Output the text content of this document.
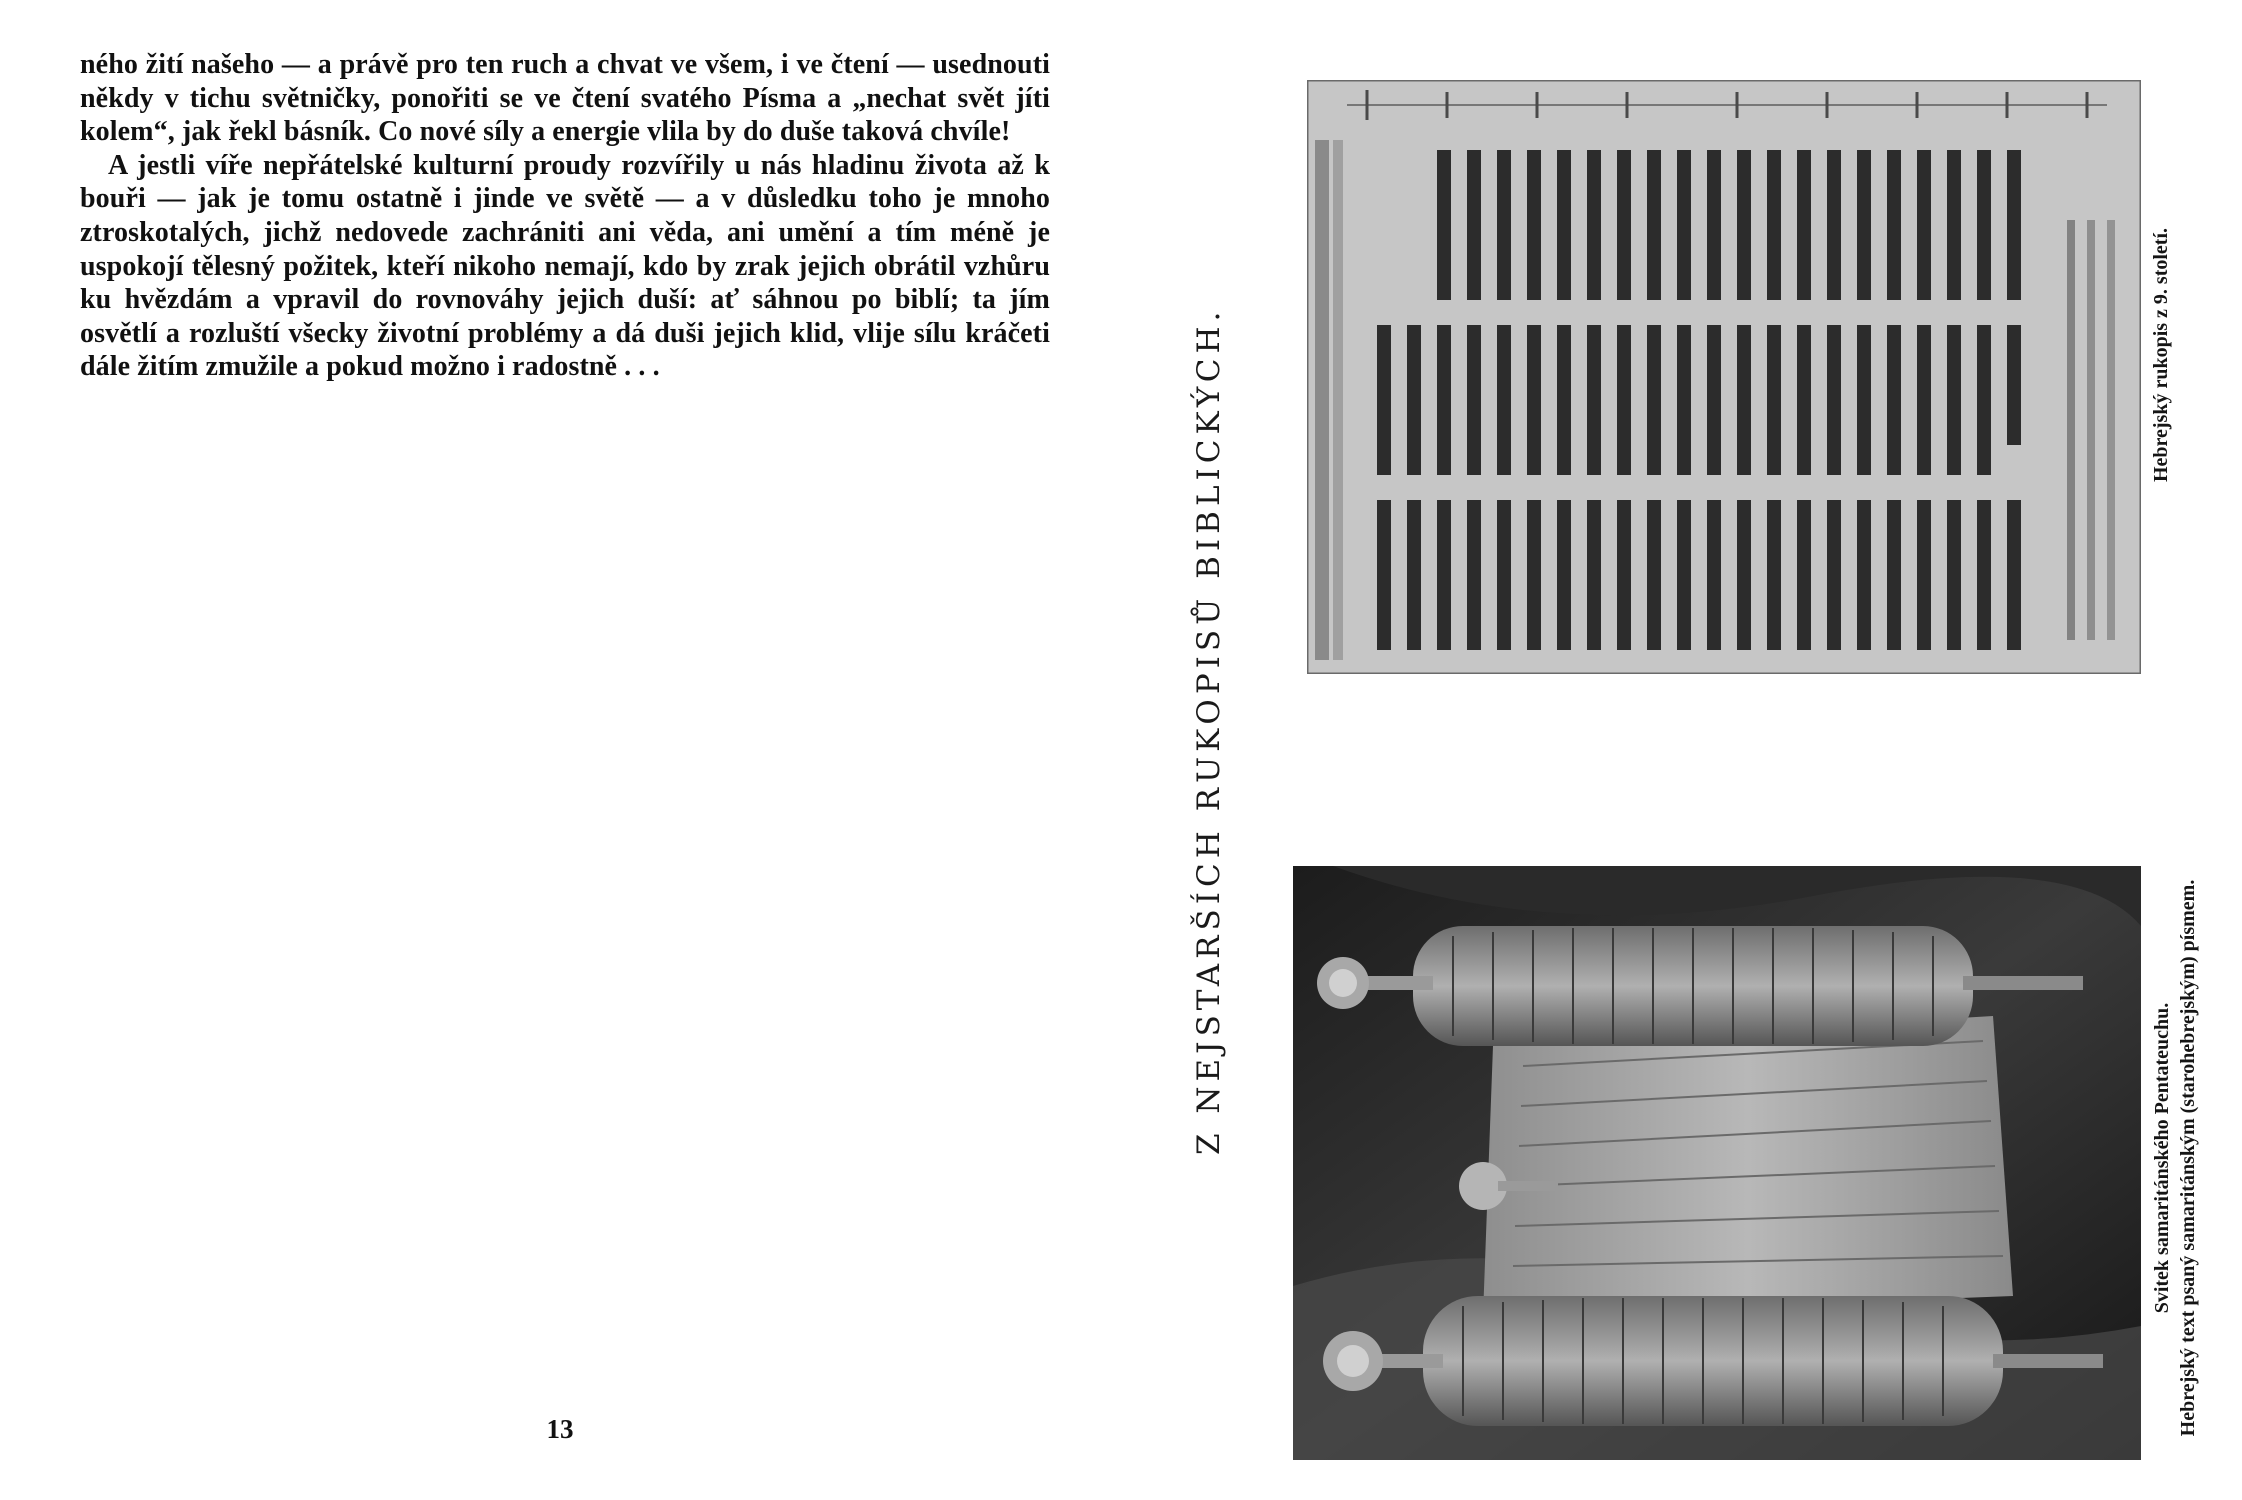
ného žití našeho — a právě pro ten ruch a chvat ve všem, i ve čtení — usednouti někdy v tichu světničky, ponořiti se ve čtení svatého Písma a „nechat svět jíti kolem“, jak řekl básník. Co nové síly a energie vlila by do duše taková chvíle!

A jestli víře nepřátelské kulturní proudy rozvířily u nás hladinu života až k bouři — jak je tomu ostatně i jinde ve světě — a v důsledku toho je mnoho ztroskotalých, jichž nedovede zachrániti ani věda, ani umění a tím méně je uspokojí tělesný požitek, kteří nikoho nemají, kdo by zrak jejich obrátil vzhůru ku hvězdám a vpravil do rovnováhy jejich duší: ať sáhnou po biblí; ta jím osvětlí a rozluští všecky životní problémy a dá duši jejich klid, vlije sílu kráčeti dále žitím zmužile a pokud možno i radostně . . .

13
Z NEJSTARŠÍCH RUKOPISŮ BIBLICKÝCH.	Hebrejský rukopis z 9. století.
Svitek samaritánského Pentateuchu. Hebrejský text psaný samaritánským (starohebrejským) písmem.
